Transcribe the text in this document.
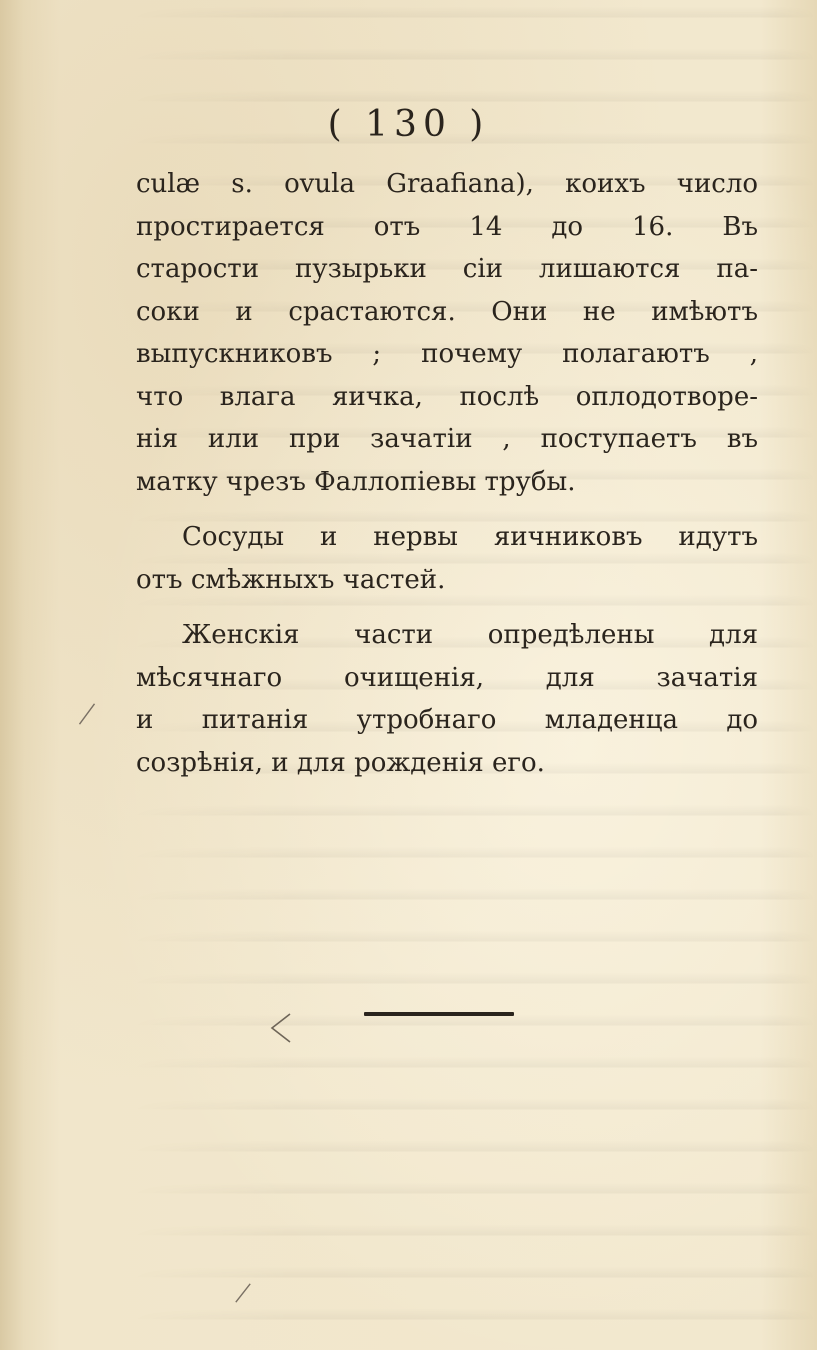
( 130 )
culæ s. ovula Graafiana), коихъ число
простирается отъ 14 до 16. Въ
старости пузырьки сіи лишаются па-
соки и срастаются. Они не имѣютъ
выпускниковъ ; почему полагаютъ ,
что влага яичка, послѣ оплодотворе-
нія или при зачатіи , поступаетъ въ
матку чрезъ Фаллопіевы трубы.
Сосуды и нервы яичниковъ идутъ
отъ смѣжныхъ частей.
Женскія части опредѣлены для
мѣсячнаго очищенія, для зачатія
и питанія утробнаго младенца до
созрѣнія, и для рожденія его.
